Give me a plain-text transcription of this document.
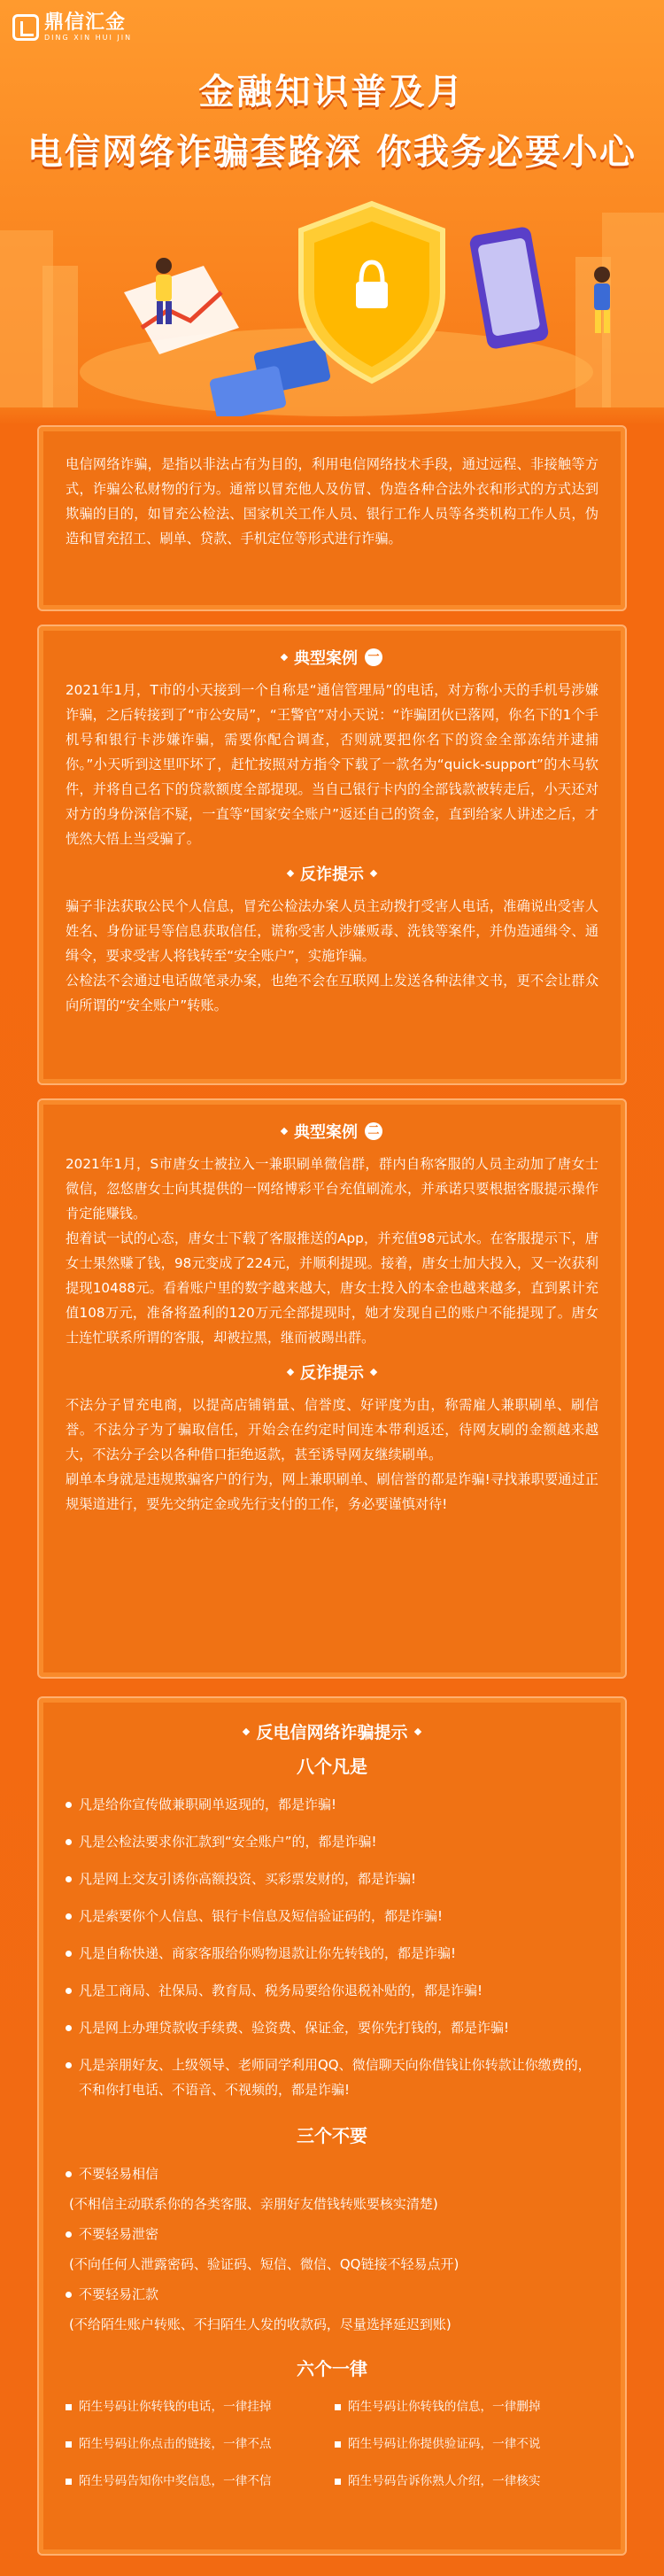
鼎信汇金
DING XIN HUI JIN
金融知识普及月
电信网络诈骗套路深 你我务必要小心

电信网络诈骗，是指以非法占有为目的，利用电信网络技术手段，通过远程、非接触等方式，诈骗公私财物的行为。通常以冒充他人及仿冒、伪造各种合法外衣和形式的方式达到欺骗的目的，如冒充公检法、国家机关工作人员、银行工作人员等各类机构工作人员，伪造和冒充招工、刷单、贷款、手机定位等形式进行诈骗。

典型案例 一

2021年1月，T市的小天接到一个自称是“通信管理局”的电话，对方称小天的手机号涉嫌诈骗，之后转接到了“市公安局”，“王警官”对小天说：“诈骗团伙已落网，你名下的1个手机号和银行卡涉嫌诈骗，需要你配合调查，否则就要把你名下的资金全部冻结并逮捕你。”小天听到这里吓坏了，赶忙按照对方指令下载了一款名为“quick-support”的木马软件，并将自己名下的贷款额度全部提现。当自己银行卡内的全部钱款被转走后，小天还对对方的身份深信不疑，一直等“国家安全账户”返还自己的资金，直到给家人讲述之后，才恍然大悟上当受骗了。

反诈提示

骗子非法获取公民个人信息，冒充公检法办案人员主动拨打受害人电话，准确说出受害人姓名、身份证号等信息获取信任，谎称受害人涉嫌贩毒、洗钱等案件，并伪造通缉令、通缉令，要求受害人将钱转至“安全账户”，实施诈骗。
公检法不会通过电话做笔录办案，也绝不会在互联网上发送各种法律文书，更不会让群众向所谓的“安全账户”转账。

典型案例 二

2021年1月，S市唐女士被拉入一兼职刷单微信群，群内自称客服的人员主动加了唐女士微信，忽悠唐女士向其提供的一网络博彩平台充值刷流水，并承诺只要根据客服提示操作肯定能赚钱。
抱着试一试的心态，唐女士下载了客服推送的App，并充值98元试水。在客服提示下，唐女士果然赚了钱，98元变成了224元，并顺利提现。接着，唐女士加大投入，又一次获利提现10488元。看着账户里的数字越来越大，唐女士投入的本金也越来越多，直到累计充值108万元，准备将盈利的120万元全部提现时，她才发现自己的账户不能提现了。唐女士连忙联系所谓的客服，却被拉黑，继而被踢出群。

反诈提示

不法分子冒充电商，以提高店铺销量、信誉度、好评度为由，称需雇人兼职刷单、刷信誉。不法分子为了骗取信任，开始会在约定时间连本带利返还，待网友刷的金额越来越大，不法分子会以各种借口拒绝返款，甚至诱导网友继续刷单。
刷单本身就是违规欺骗客户的行为，网上兼职刷单、刷信誉的都是诈骗!寻找兼职要通过正规渠道进行，要先交纳定金或先行支付的工作，务必要谨慎对待!

反电信网络诈骗提示
八个凡是
凡是给你宣传做兼职刷单返现的，都是诈骗!
凡是公检法要求你汇款到“安全账户”的，都是诈骗!
凡是网上交友引诱你高额投资、买彩票发财的，都是诈骗!
凡是索要你个人信息、银行卡信息及短信验证码的，都是诈骗!
凡是自称快递、商家客服给你购物退款让你先转钱的，都是诈骗!
凡是工商局、社保局、教育局、税务局要给你退税补贴的，都是诈骗!
凡是网上办理贷款收手续费、验资费、保证金，要你先打钱的，都是诈骗!
凡是亲朋好友、上级领导、老师同学利用QQ、微信聊天向你借钱让你转款让你缴费的，不和你打电话、不语音、不视频的，都是诈骗!
三个不要
不要轻易相信
(不相信主动联系你的各类客服、亲朋好友借钱转账要核实清楚)
不要轻易泄密
(不向任何人泄露密码、验证码、短信、微信、QQ链接不轻易点开)
不要轻易汇款
(不给陌生账户转账、不扫陌生人发的收款码，尽量选择延迟到账)
六个一律
陌生号码让你转钱的电话，一律挂掉	陌生号码让你转钱的信息，一律删掉
陌生号码让你点击的链接，一律不点	陌生号码让你提供验证码，一律不说
陌生号码告知你中奖信息，一律不信	陌生号码告诉你熟人介绍，一律核实
